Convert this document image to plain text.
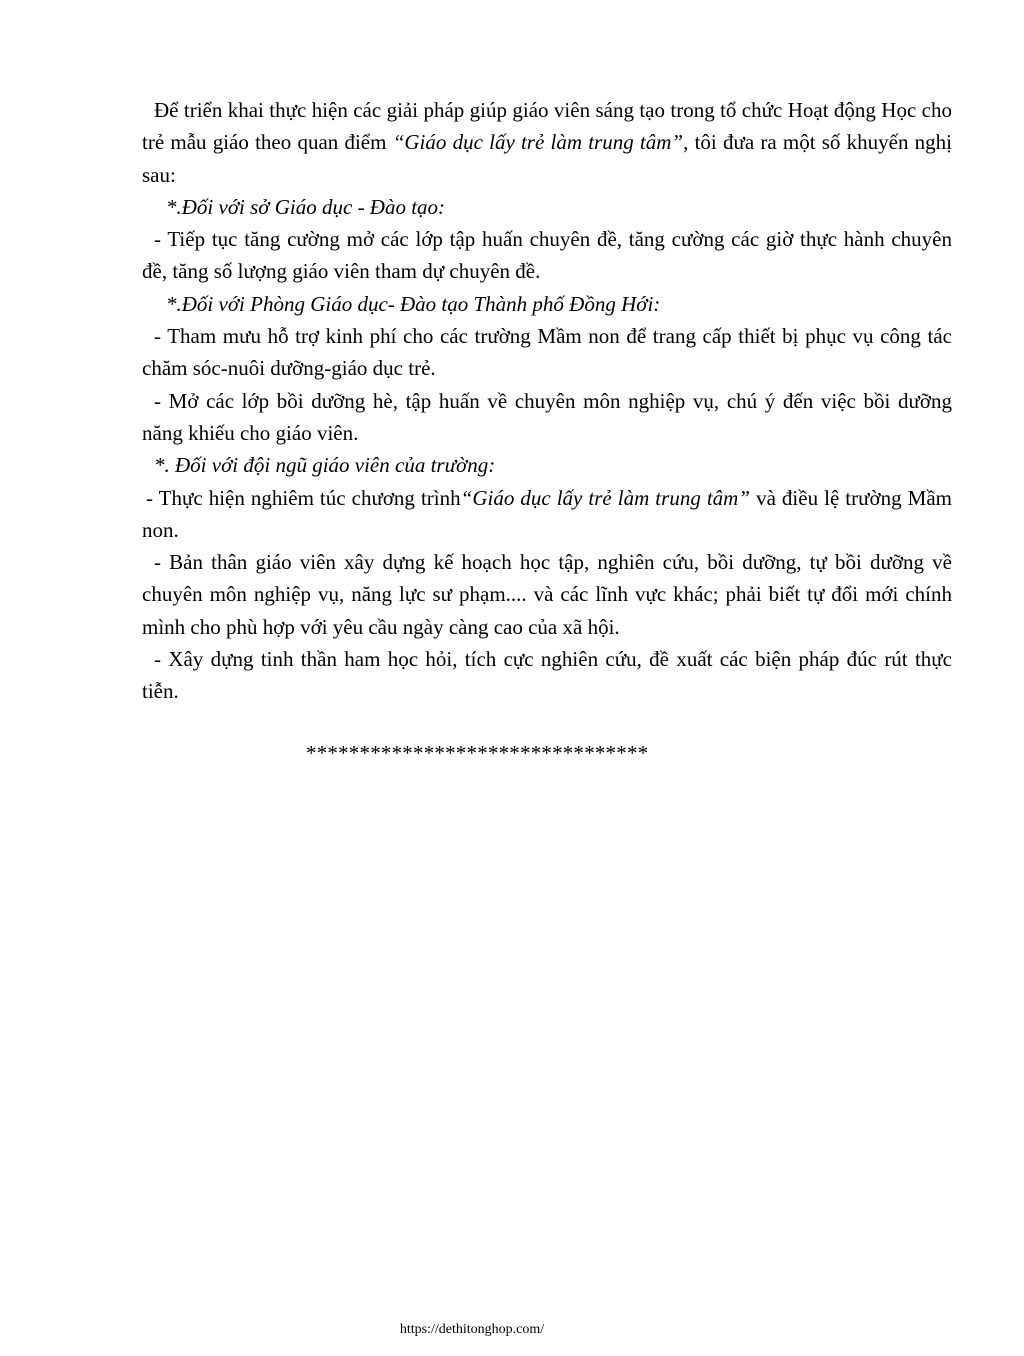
Để triển khai thực hiện các giải pháp giúp giáo viên sáng tạo trong tổ chức Hoạt động Học cho trẻ mẫu giáo theo quan điểm “Giáo dục lấy trẻ làm trung tâm”, tôi đưa ra một số khuyến nghị sau:

*.Đối với sở Giáo dục - Đào tạo:

- Tiếp tục tăng cường mở các lớp tập huấn chuyên đề, tăng cường các giờ thực hành chuyên đề, tăng số lượng giáo viên tham dự chuyên đề.

*.Đối với Phòng Giáo dục- Đào tạo Thành phố Đồng Hới:

- Tham mưu hỗ trợ kinh phí cho các trường Mầm non để trang cấp thiết bị phục vụ công tác chăm sóc-nuôi dưỡng-giáo dục trẻ.

- Mở các lớp bồi dưỡng hè, tập huấn về chuyên môn nghiệp vụ, chú ý đến việc bồi dưỡng năng khiếu cho giáo viên.

*. Đối với đội ngũ giáo viên của trường:

- Thực hiện nghiêm túc chương trình“Giáo dục lấy trẻ làm trung tâm” và điều lệ trường Mầm non.

- Bản thân giáo viên xây dựng kế hoạch học tập, nghiên cứu, bồi dưỡng, tự bồi dưỡng về chuyên môn nghiệp vụ, năng lực sư phạm.... và các lĩnh vực khác; phải biết tự đổi mới chính mình cho phù hợp với yêu cầu ngày càng cao của xã hội.

- Xây dựng tinh thần ham học hỏi, tích cực nghiên cứu, đề xuất các biện pháp đúc rút thực tiễn.

********************************
https://dethitonghop.com/
